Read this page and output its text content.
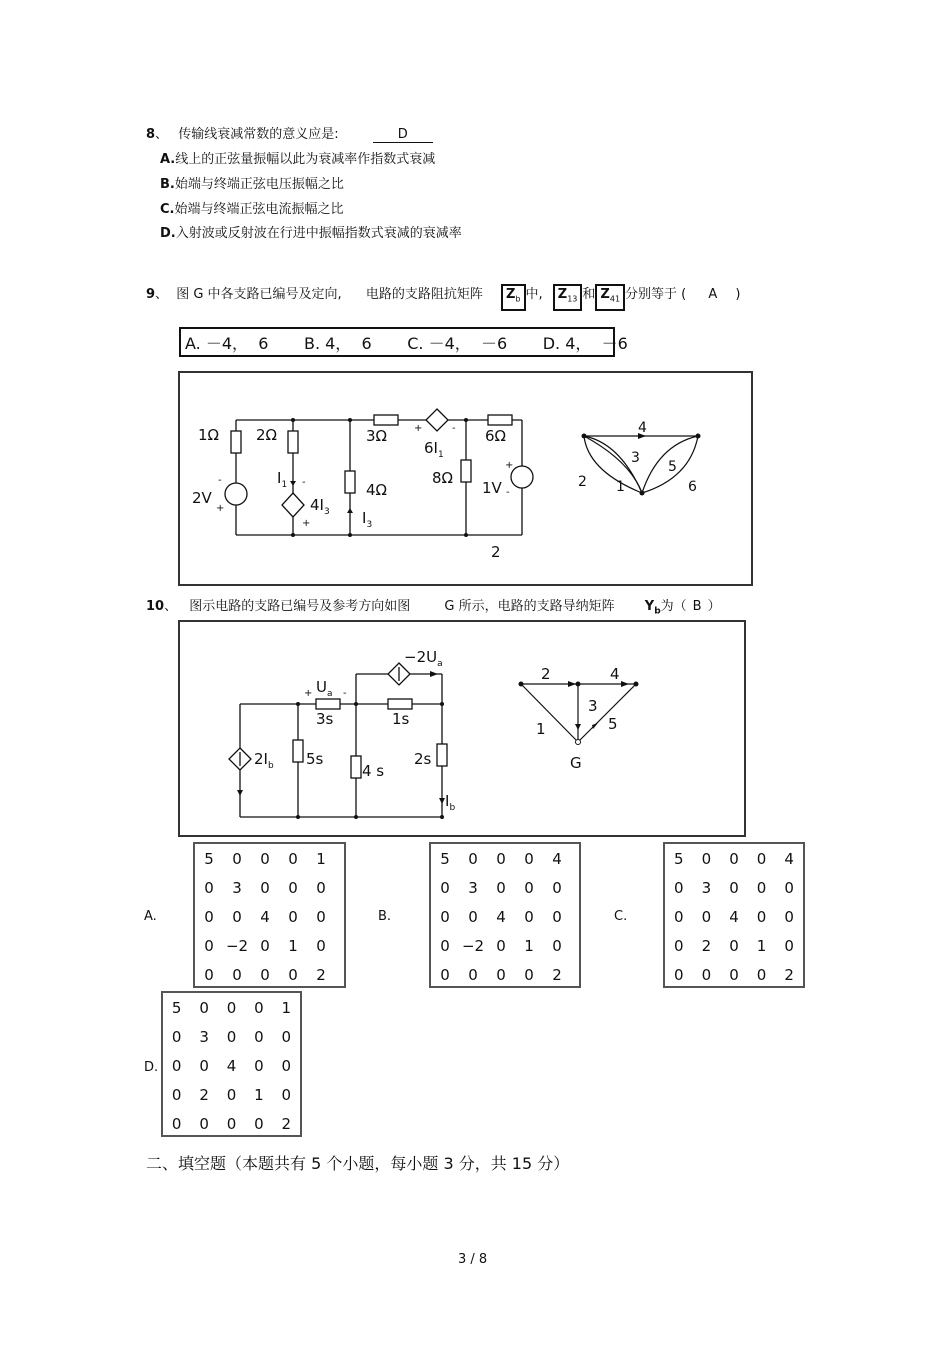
8、 传输线衰减常数的意义应是:	D
A.线上的正弦量振幅以此为衰减率作指数式衰减
B.始端与终端正弦电压振幅之比
C.始端与终端正弦电流振幅之比
D.入射波或反射波在行进中振幅指数式衰减的衰减率
9、 图 G 中各支路已编号及定向, 电路的支路阻抗矩阵 $Z_b$ 中, $Z_{13}$ 和 $Z_{41}$ 分别等于 ( A )
A. －4，  6       B. 4，  6       C. －4，  －6       D. 4，  －6
1Ω 2Ω	3Ω	6Ω
4Ω
8Ω
2V
1V
$4I_3$
$6I_1$
$I_1$
$I_3$
2
+
-
+
-
-
+
+	-	4
3
5
2 1	6
10、 图示电路的支路已编号及参考方向如图	G 所示，电路的支路导纳矩阵 $Y_b$为（ B ）
$-2U_a$
$U_a$
3s	1s
5s
4 s
2s
$2I_b$
$I_b$
+	-
2	4
3
1	5
G
A.
5	0	0	0	1
0	3	0	0	0
0	0	4	0	0
0	−2	0	1	0
0	0	0	0	2
B.
5	0	0	0	4
0	3	0	0	0
0	0	4	0	0
0	−2	0	1	0
0	0	0	0	2
C.
5	0	0	0	4
0	3	0	0	0
0	0	4	0	0
0	2	0	1	0
0	0	0	0	2
D.
5	0	0	0	1
0	3	0	0	0
0	0	4	0	0
0	2	0	1	0
0	0	0	0	2
二、填空题（本题共有 5 个小题，每小题 3 分，共 15 分）
3 / 8
